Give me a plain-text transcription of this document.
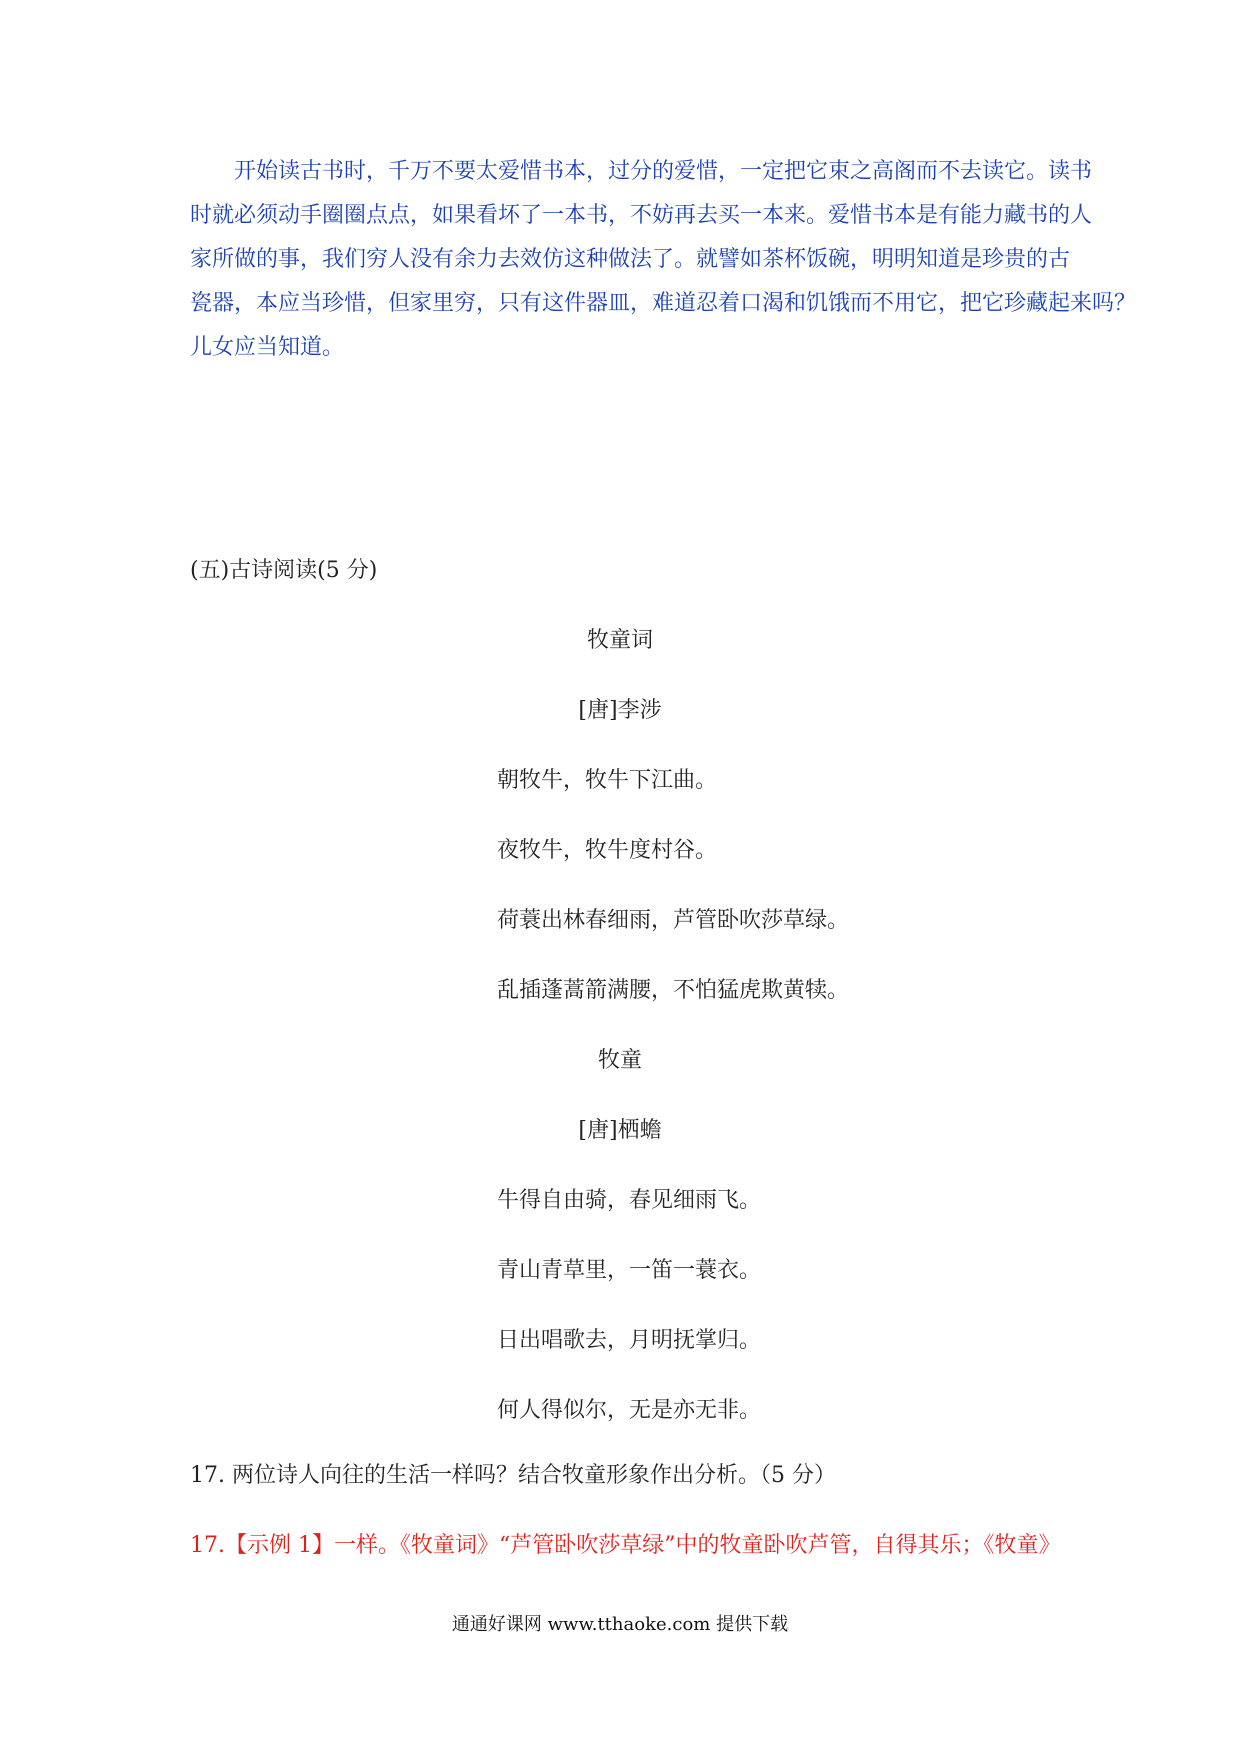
开始读古书时，千万不要太爱惜书本，过分的爱惜，一定把它束之高阁而不去读它。读书
时就必须动手圈圈点点，如果看坏了一本书，不妨再去买一本来。爱惜书本是有能力藏书的人
家所做的事，我们穷人没有余力去效仿这种做法了。就譬如茶杯饭碗，明明知道是珍贵的古
瓷器，本应当珍惜，但家里穷，只有这件器皿，难道忍着口渴和饥饿而不用它，把它珍藏起来吗？
儿女应当知道。
(五)古诗阅读(5 分)
牧童词
[唐]李涉
朝牧牛，牧牛下江曲。
夜牧牛，牧牛度村谷。
荷蓑出林春细雨，芦管卧吹莎草绿。
乱插蓬蒿箭满腰，不怕猛虎欺黄犊。
牧童
[唐]栖蟾
牛得自由骑，春见细雨飞。
青山青草里，一笛一蓑衣。
日出唱歌去，月明抚掌归。
何人得似尔，无是亦无非。
17. 两位诗人向往的生活一样吗？结合牧童形象作出分析。（5 分）
17.【示例 1】一样。《牧童词》“芦管卧吹莎草绿”中的牧童卧吹芦管，自得其乐；《牧童》
通通好课网 www.tthaoke.com 提供下载
